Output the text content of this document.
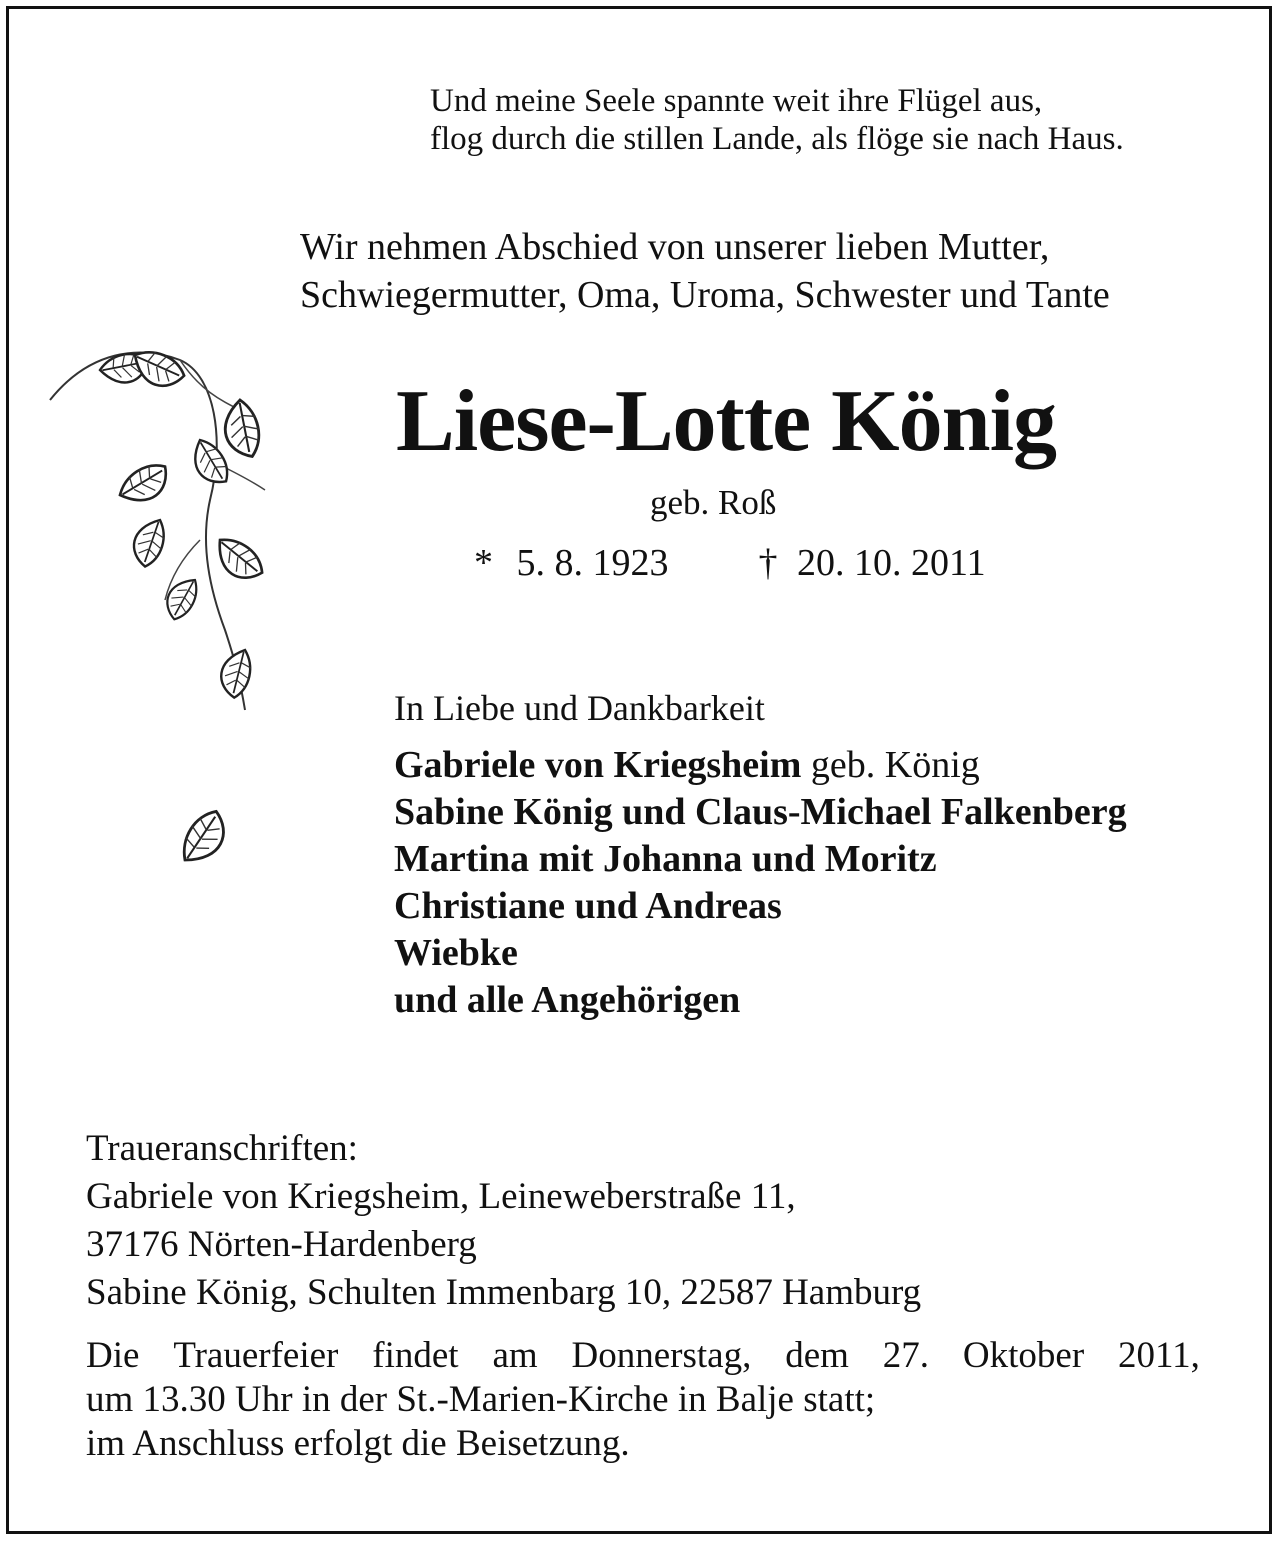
Und meine Seele spannte weit ihre Flügel aus,
flog durch die stillen Lande, als flöge sie nach Haus.
Wir nehmen Abschied von unserer lieben Mutter,
Schwiegermutter, Oma, Uroma, Schwester und Tante
Liese-Lotte König
geb. Roß
* 5. 8. 1923 † 20. 10. 2011
In Liebe und Dankbarkeit
Gabriele von Kriegsheim geb. König
Sabine König und Claus-Michael Falkenberg
Martina mit Johanna und Moritz
Christiane und Andreas
Wiebke
und alle Angehörigen
Traueranschriften:
Gabriele von Kriegsheim, Leineweberstraße 11,
37176 Nörten-Hardenberg
Sabine König, Schulten Immenbarg 10, 22587 Hamburg
Die Trauerfeier findet am Donnerstag, dem 27. Oktober 2011,
um 13.30 Uhr in der St.-Marien-Kirche in Balje statt;
im Anschluss erfolgt die Beisetzung.
